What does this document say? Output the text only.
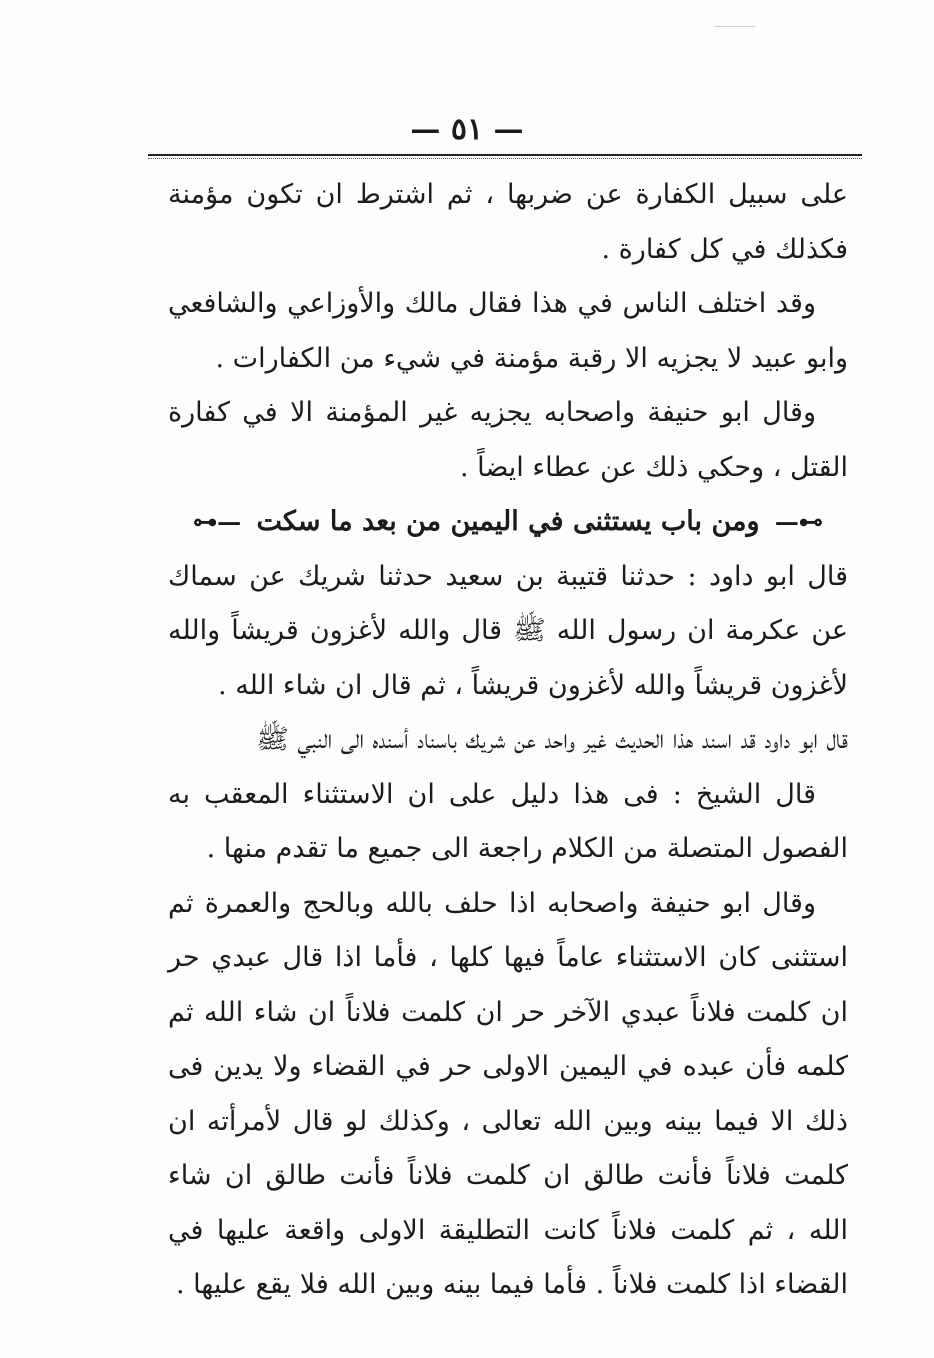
— ٥١ —

على سبيل الكفارة عن ضربها ، ثم اشترط ان تكون مؤمنة فكذلك في كل كفارة .

وقد اختلف الناس في هذا فقال مالك والأوزاعي والشافعي وابو عبيد لا يجزيه الا رقبة مؤمنة في شيء من الكفارات .

وقال ابو حنيفة واصحابه يجزيه غير المؤمنة الا في كفارة القتل ، وحكي ذلك عن عطاء ايضاً .

⊶— ومن باب يستثنى في اليمين من بعد ما سكت —⊷

قال ابو داود : حدثنا قتيبة بن سعيد حدثنا شريك عن سماك عن عكرمة ان رسول الله ﷺ قال والله لأغزون قريشاً والله لأغزون قريشاً والله لأغزون قريشاً ، ثم قال ان شاء الله .

قال ابو داود قد اسند هذا الحديث غير واحد عن شريك باسناد أسنده الى النبي ﷺ

قال الشيخ : فى هذا دليل على ان الاستثناء المعقب به الفصول المتصلة من الكلام راجعة الى جميع ما تقدم منها .

وقال ابو حنيفة واصحابه اذا حلف بالله وبالحج والعمرة ثم استثنى كان الاستثناء عاماً فيها كلها ، فأما اذا قال عبدي حر ان كلمت فلاناً عبدي الآخر حر ان كلمت فلاناً ان شاء الله ثم كلمه فأن عبده في اليمين الاولى حر في القضاء ولا يدين فى ذلك الا فيما بينه وبين الله تعالى ، وكذلك لو قال لأمرأته ان كلمت فلاناً فأنت طالق ان كلمت فلاناً فأنت طالق ان شاء الله ، ثم كلمت فلاناً كانت التطليقة الاولى واقعة عليها في القضاء اذا كلمت فلاناً . فأما فيما بينه وبين الله فلا يقع عليها .
